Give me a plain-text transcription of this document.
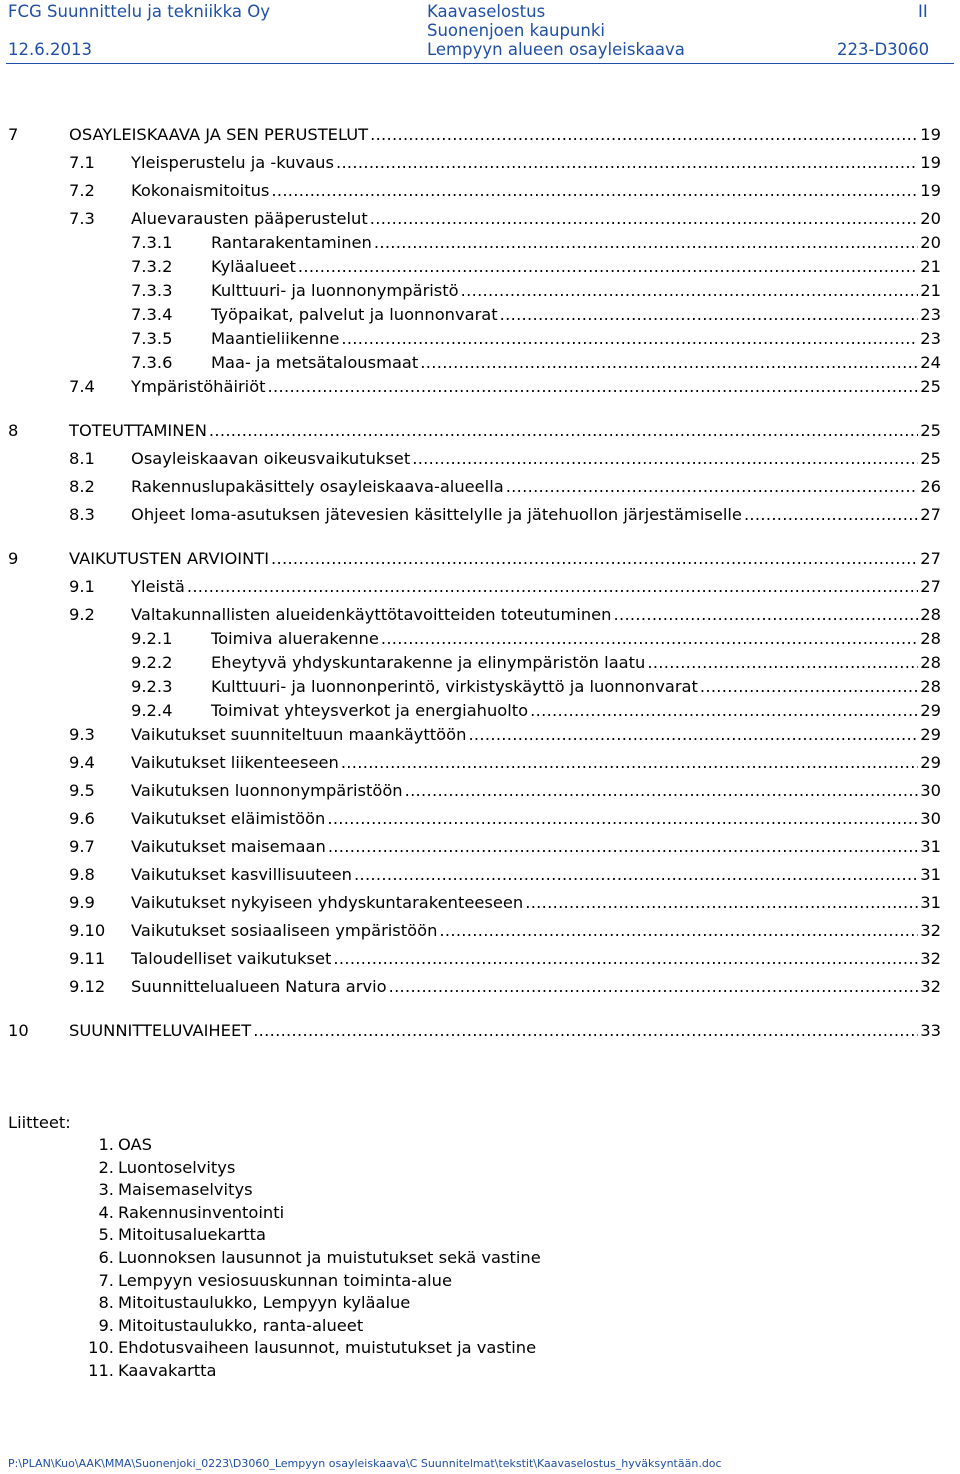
FCG Suunnittelu ja tekniikka Oy
12.6.2013
Kaavaselostus
Suonenjoen kaupunki
Lempyyn alueen osayleiskaava
II
223-D3060
7	OSAYLEISKAAVA JA SEN PERUSTELUT .....	19
7.1 Yleisperustelu ja -kuvaus .....	19
7.2 Kokonaismitoitus .....	19
7.3 Aluevarausten pääperustelut .....	20
7.3.1 Rantarakentaminen .....	20
7.3.2 Kyläalueet .....	21
7.3.3 Kulttuuri- ja luonnonympäristö .....	21
7.3.4 Työpaikat, palvelut ja luonnonvarat .....	23
7.3.5 Maantieliikenne .....	23
7.3.6 Maa- ja metsätalousmaat .....	24
7.4 Ympäristöhäiriöt .....	25
8	TOTEUTTAMINEN .....	25
8.1 Osayleiskaavan oikeusvaikutukset .....	25
8.2 Rakennuslupakäsittely osayleiskaava-alueella .....	26
8.3 Ohjeet loma-asutuksen jätevesien käsittelylle ja jätehuollon järjestämiselle .....	27
9	VAIKUTUSTEN ARVIOINTI .....	27
9.1 Yleistä .....	27
9.2 Valtakunnallisten alueidenkäyttötavoitteiden toteutuminen .....	28
9.2.1 Toimiva aluerakenne .....	28
9.2.2 Eheytyvä yhdyskuntarakenne ja elinympäristön laatu .....	28
9.2.3 Kulttuuri- ja luonnonperintö, virkistyskäyttö ja luonnonvarat .....	28
9.2.4 Toimivat yhteysverkot ja energiahuolto .....	29
9.3 Vaikutukset suunniteltuun maankäyttöön .....	29
9.4 Vaikutukset liikenteeseen .....	29
9.5 Vaikutuksen luonnonympäristöön .....	30
9.6 Vaikutukset eläimistöön .....	30
9.7 Vaikutukset maisemaan .....	31
9.8 Vaikutukset kasvillisuuteen .....	31
9.9 Vaikutukset nykyiseen yhdyskuntarakenteeseen .....	31
9.10 Vaikutukset sosiaaliseen ympäristöön .....	32
9.11 Taloudelliset vaikutukset .....	32
9.12 Suunnittelualueen Natura arvio .....	32
10 SUUNNITTELUVAIHEET .....	33
Liitteet:
1. OAS
2. Luontoselvitys
3. Maisemaselvitys
4. Rakennusinventointi
5. Mitoitusaluekartta
6. Luonnoksen lausunnot ja muistutukset sekä vastine
7. Lempyyn vesiosuuskunnan toiminta-alue
8. Mitoitustaulukko, Lempyyn kyläalue
9. Mitoitustaulukko, ranta-alueet
10. Ehdotusvaiheen lausunnot, muistutukset ja vastine
11. Kaavakartta
P:\PLAN\Kuo\AAK\MMA\Suonenjoki_0223\D3060_Lempyyn osayleiskaava\C Suunnitelmat\tekstit\Kaavaselostus_hyväksyntään.doc
